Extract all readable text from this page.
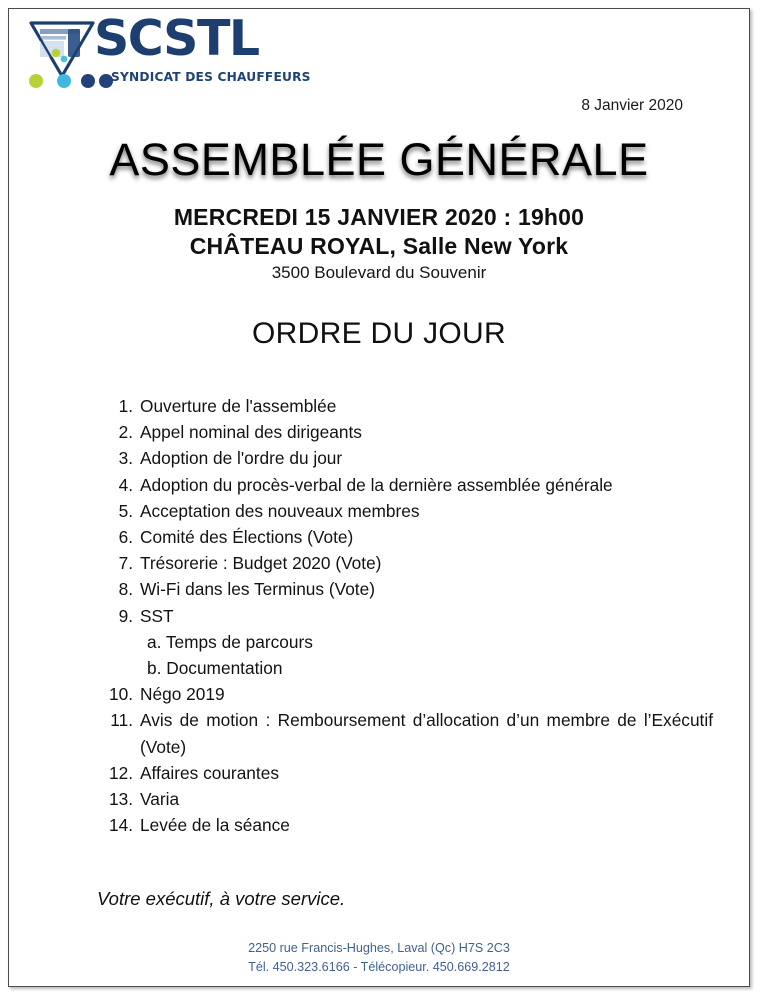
SCSTL
SYNDICAT DES CHAUFFEURS
8 Janvier 2020
ASSEMBLÉE GÉNÉRALE
MERCREDI 15 JANVIER 2020 : 19h00
CHÂTEAU ROYAL, Salle New York
3500 Boulevard du Souvenir
ORDRE DU JOUR
1. Ouverture de l'assemblée
2. Appel nominal des dirigeants
3. Adoption de l'ordre du jour
4. Adoption du procès-verbal de la dernière assemblée générale
5. Acceptation des nouveaux membres
6. Comité des Élections (Vote)
7. Trésorerie : Budget 2020 (Vote)
8. Wi-Fi dans les Terminus (Vote)
9. SST
a. Temps de parcours
b. Documentation
10. Négo 2019
11. Avis de motion : Remboursement d’allocation d’un membre de l’Exécutif (Vote)
12. Affaires courantes
13. Varia
14. Levée de la séance
Votre exécutif, à votre service.
2250 rue Francis-Hughes, Laval (Qc) H7S 2C3
Tél. 450.323.6166 - Télécopieur. 450.669.2812
